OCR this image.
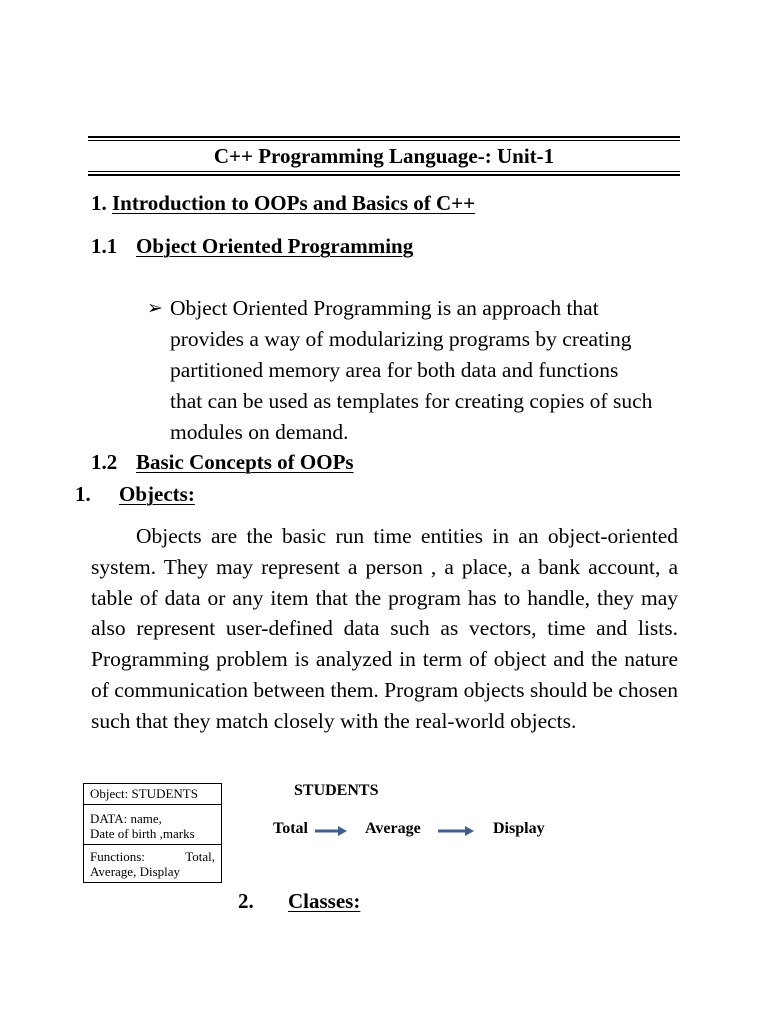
C++ Programming Language-: Unit-1
1. Introduction to OOPs and Basics of C++
1.1 Object Oriented Programming
➢ Object Oriented Programming is an approach that
provides a way of modularizing programs by creating
partitioned memory area for both data and functions
that can be used as templates for creating copies of such
modules on demand.
1.2 Basic Concepts of OOPs
1. Objects:
Objects are the basic run time entities in an object-oriented system. They may represent a person , a place, a bank account, a table of data or any item that the program has to handle, they may also represent user-defined data such as vectors, time and lists. Programming problem is analyzed in term of object and the nature of communication between them. Program objects should be chosen such that they match closely with the real-world objects.
Object: STUDENTS
DATA: name,
Date of birth ,marks
Functions:	Total,
Average, Display
STUDENTS
Total	Average	Display
2. Classes:
